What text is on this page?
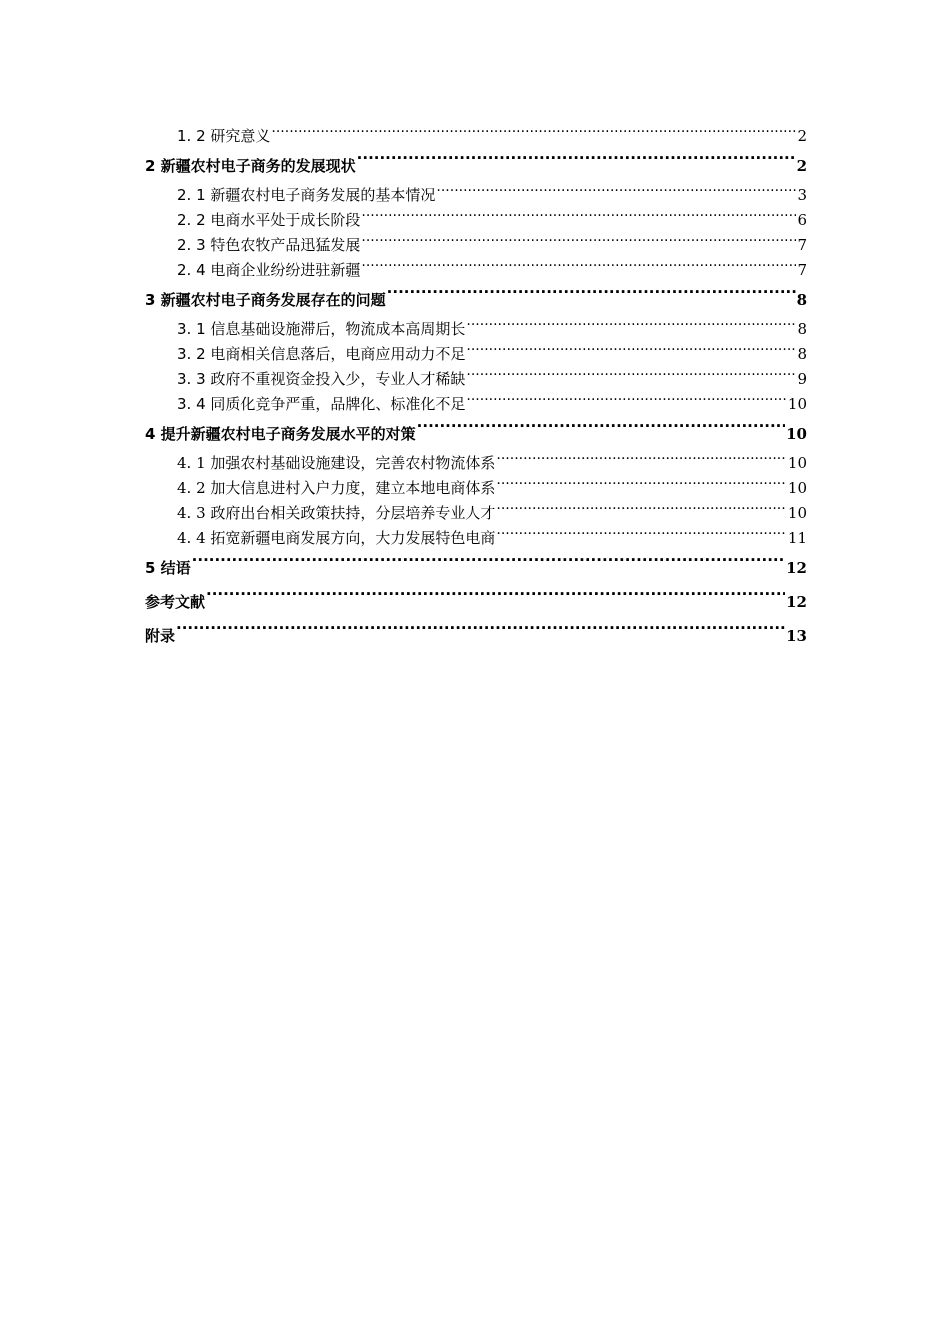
1. 2 研究意义 .....	2
2 新疆农村电子商务的发展现状 .....	2
2. 1 新疆农村电子商务发展的基本情况 .....	3
2. 2 电商水平处于成长阶段 .....	6
2. 3 特色农牧产品迅猛发展 .....	7
2. 4 电商企业纷纷进驻新疆 .....	7
3 新疆农村电子商务发展存在的问题 .....	8
3. 1 信息基础设施滞后，物流成本高周期长 .....	8
3. 2 电商相关信息落后，电商应用动力不足 .....	8
3. 3 政府不重视资金投入少，专业人才稀缺 .....	9
3. 4 同质化竞争严重，品牌化、标准化不足 .....	10
4 提升新疆农村电子商务发展水平的对策 .....	10
4. 1 加强农村基础设施建设，完善农村物流体系 .....	10
4. 2 加大信息进村入户力度，建立本地电商体系 .....	10
4. 3 政府出台相关政策扶持，分层培养专业人才 .....	10
4. 4 拓宽新疆电商发展方向，大力发展特色电商 .....	11
5 结语 .....	12
参考文献 .....	12
附录 .....	13
